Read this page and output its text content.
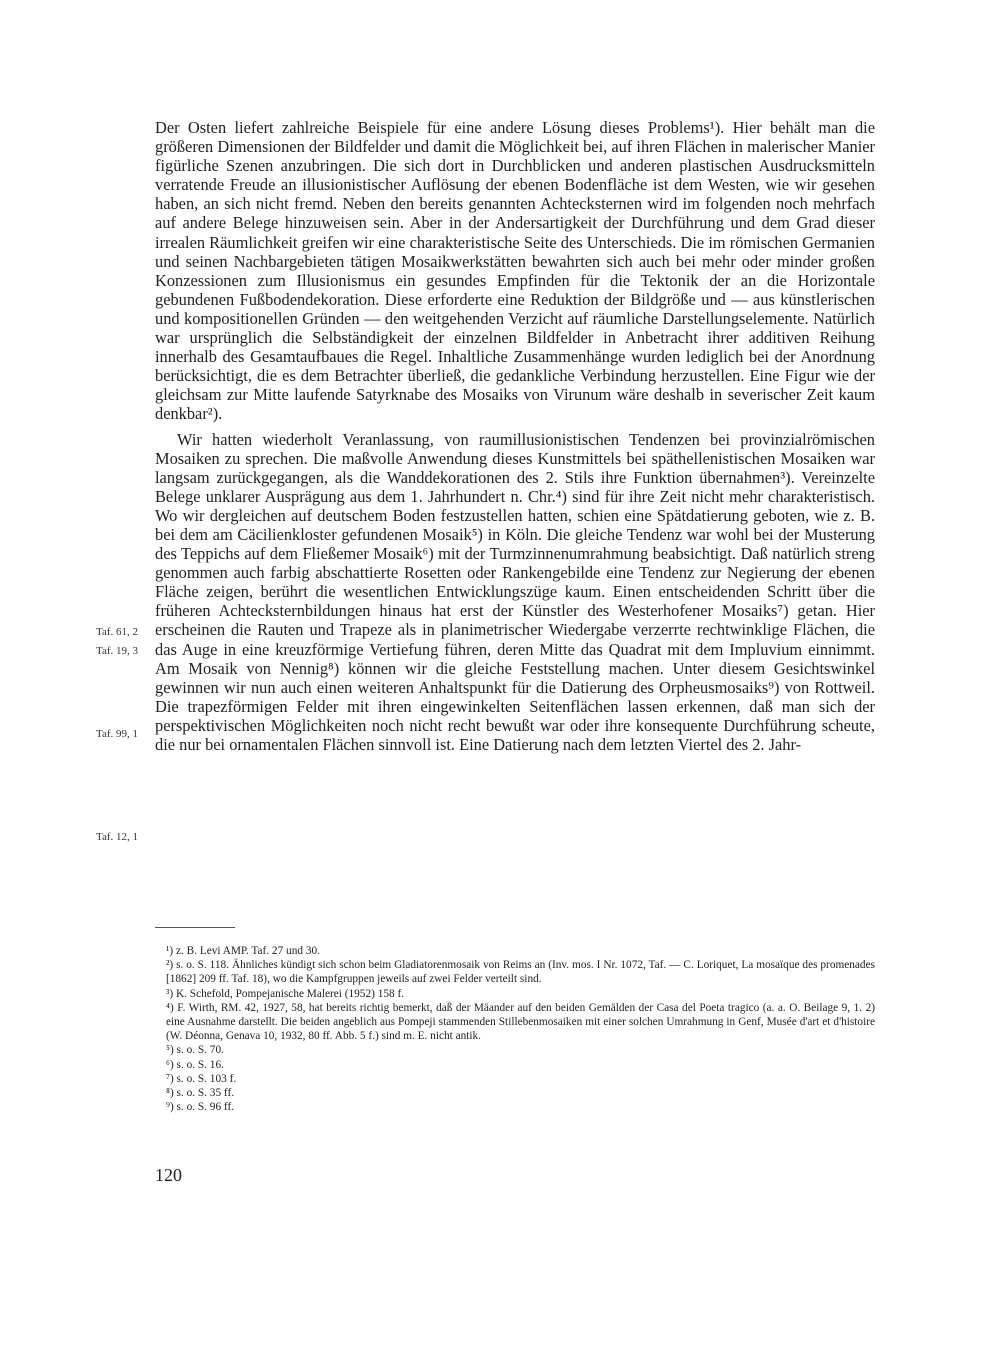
Der Osten liefert zahlreiche Beispiele für eine andere Lösung dieses Problems¹). Hier behält man die größeren Dimensionen der Bildfelder und damit die Möglichkeit bei, auf ihren Flächen in malerischer Manier figürliche Szenen anzubringen. Die sich dort in Durchblicken und anderen plastischen Ausdrucksmitteln verratende Freude an illusionistischer Auflösung der ebenen Bodenfläche ist dem Westen, wie wir gesehen haben, an sich nicht fremd. Neben den bereits genannten Achtecksternen wird im folgenden noch mehrfach auf andere Belege hinzuweisen sein. Aber in der Andersartigkeit der Durchführung und dem Grad dieser irrealen Räumlichkeit greifen wir eine charakteristische Seite des Unterschieds. Die im römischen Germanien und seinen Nachbargebieten tätigen Mosaikwerkstätten bewahrten sich auch bei mehr oder minder großen Konzessionen zum Illusionismus ein gesundes Empfinden für die Tektonik der an die Horizontale gebundenen Fußbodendekoration. Diese erforderte eine Reduktion der Bildgröße und — aus künstlerischen und kompositionellen Gründen — den weitgehenden Verzicht auf räumliche Darstellungselemente. Natürlich war ursprünglich die Selbständigkeit der einzelnen Bildfelder in Anbetracht ihrer additiven Reihung innerhalb des Gesamtaufbaues die Regel. Inhaltliche Zusammenhänge wurden lediglich bei der Anordnung berücksichtigt, die es dem Betrachter überließ, die gedankliche Verbindung herzustellen. Eine Figur wie der gleichsam zur Mitte laufende Satyrknabe des Mosaiks von Virunum wäre deshalb in severischer Zeit kaum denkbar²).

Wir hatten wiederholt Veranlassung, von raumillusionistischen Tendenzen bei provinzialrömischen Mosaiken zu sprechen. Die maßvolle Anwendung dieses Kunstmittels bei späthellenistischen Mosaiken war langsam zurückgegangen, als die Wanddekorationen des 2. Stils ihre Funktion übernahmen³). Vereinzelte Belege unklarer Ausprägung aus dem 1. Jahrhundert n. Chr.⁴) sind für ihre Zeit nicht mehr charakteristisch. Wo wir dergleichen auf deutschem Boden festzustellen hatten, schien eine Spätdatierung geboten, wie z. B. bei dem am Cäcilienkloster gefundenen Mosaik⁵) in Köln. Die gleiche Tendenz war wohl bei der Musterung des Teppichs auf dem Fließemer Mosaik⁶) mit der Turmzinnenumrahmung beabsichtigt. Daß natürlich streng genommen auch farbig abschattierte Rosetten oder Rankengebilde eine Tendenz zur Negierung der ebenen Fläche zeigen, berührt die wesentlichen Entwicklungszüge kaum. Einen entscheidenden Schritt über die früheren Achtecksternbildungen hinaus hat erst der Künstler des Westerhofener Mosaiks⁷) getan. Hier erscheinen die Rauten und Trapeze als in planimetrischer Wiedergabe verzerrte rechtwinklige Flächen, die das Auge in eine kreuzförmige Vertiefung führen, deren Mitte das Quadrat mit dem Impluvium einnimmt. Am Mosaik von Nennig⁸) können wir die gleiche Feststellung machen. Unter diesem Gesichtswinkel gewinnen wir nun auch einen weiteren Anhaltspunkt für die Datierung des Orpheusmosaiks⁹) von Rottweil. Die trapezförmigen Felder mit ihren eingewinkelten Seitenflächen lassen erkennen, daß man sich der perspektivischen Möglichkeiten noch nicht recht bewußt war oder ihre konsequente Durchführung scheute, die nur bei ornamentalen Flächen sinnvoll ist. Eine Datierung nach dem letzten Viertel des 2. Jahr-

Taf. 61, 2
Taf. 19, 3
Taf. 99, 1
Taf. 12, 1

¹) z. B. Levi AMP. Taf. 27 und 30.

²) s. o. S. 118. Ähnliches kündigt sich schon beim Gladiatorenmosaik von Reims an (Inv. mos. I Nr. 1072, Taf. — C. Loriquet, La mosaïque des promenades [1862] 209 ff. Taf. 18), wo die Kampfgruppen jeweils auf zwei Felder verteilt sind.

³) K. Schefold, Pompejanische Malerei (1952) 158 f.

⁴) F. Wirth, RM. 42, 1927, 58, hat bereits richtig bemerkt, daß der Mäander auf den beiden Gemälden der Casa del Poeta tragico (a. a. O. Beilage 9, 1. 2) eine Ausnahme darstellt. Die beiden angeblich aus Pompeji stammenden Stillebenmosaiken mit einer solchen Umrahmung in Genf, Musée d'art et d'histoire (W. Déonna, Genava 10, 1932, 80 ff. Abb. 5 f.) sind m. E. nicht antik.

⁵) s. o. S. 70.

⁶) s. o. S. 16.

⁷) s. o. S. 103 f.

⁸) s. o. S. 35 ff.

⁹) s. o. S. 96 ff.

120
